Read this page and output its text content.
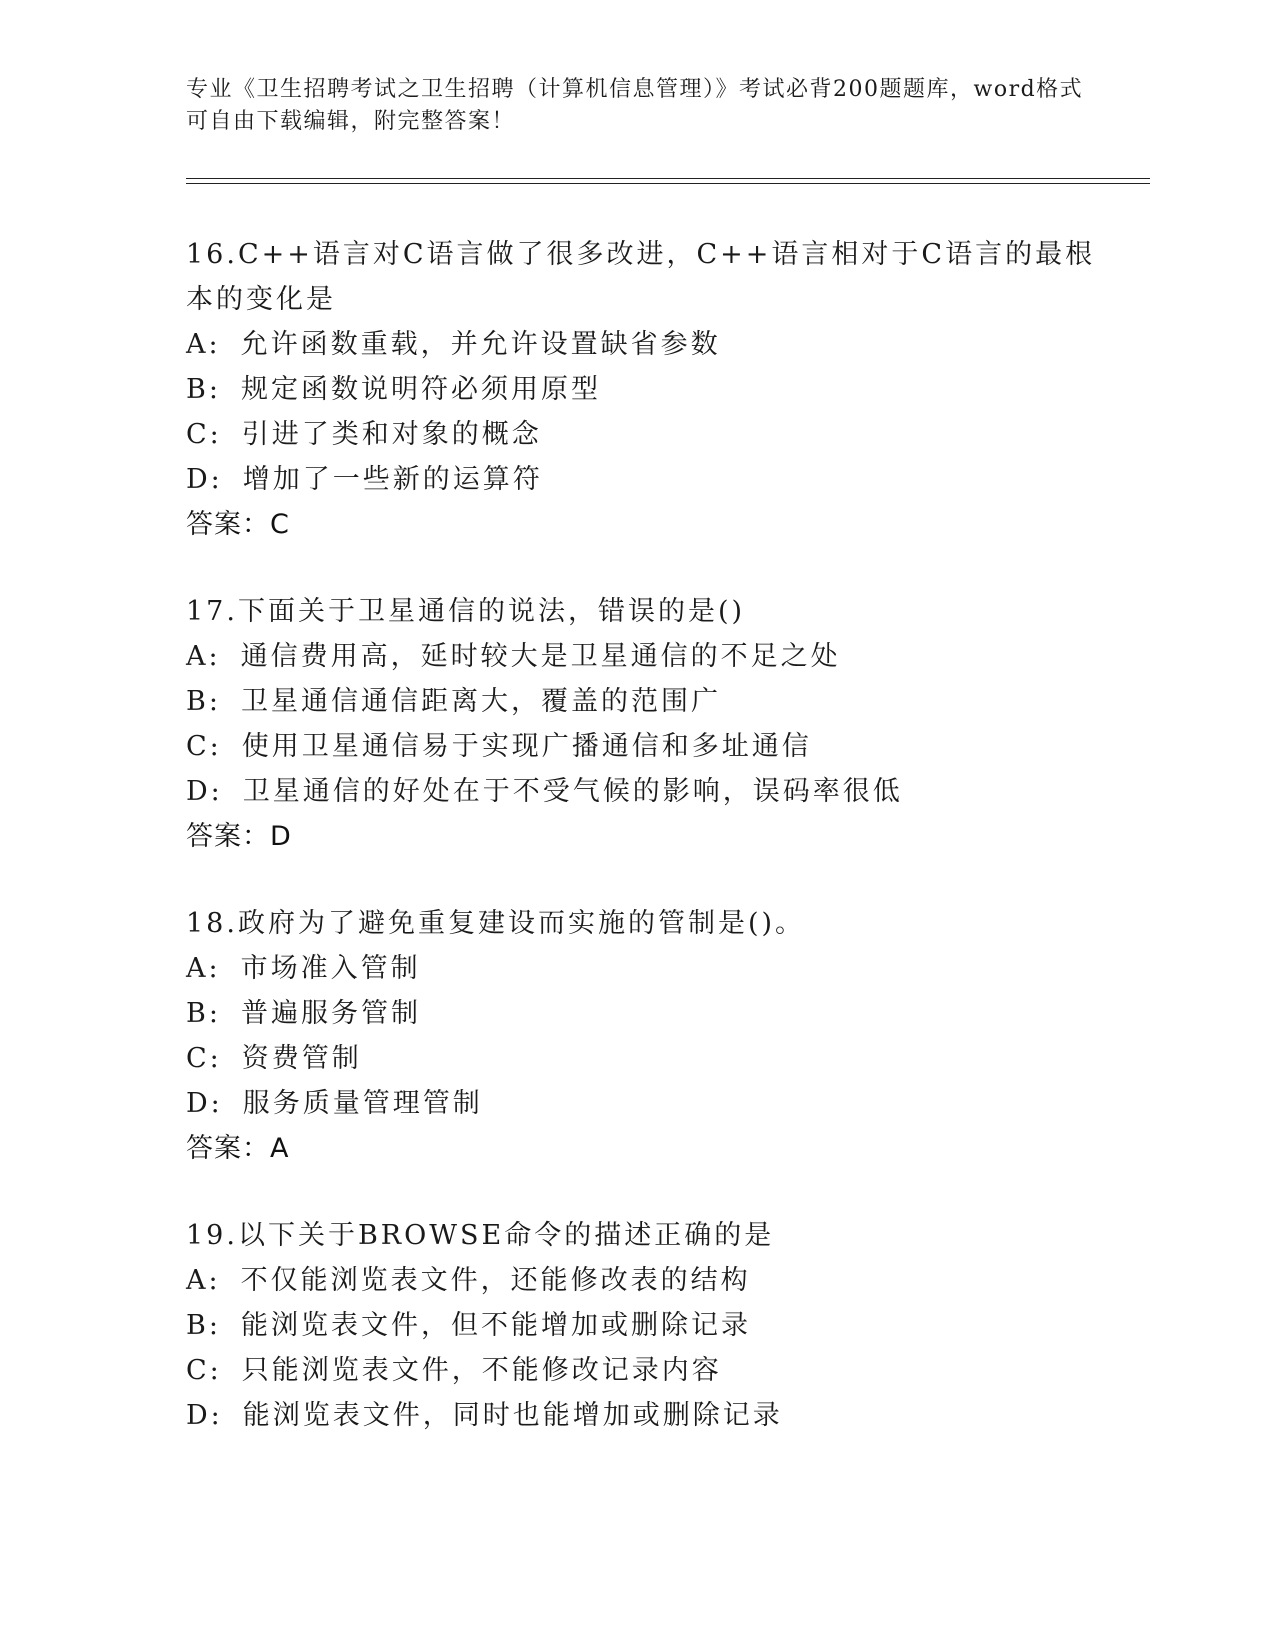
专业《卫生招聘考试之卫生招聘（计算机信息管理）》考试必背200题题库，word格式可自由下载编辑，附完整答案！
16.C++语言对C语言做了很多改进，C++语言相对于C语言的最根本的变化是
A: 允许函数重载，并允许设置缺省参数
B: 规定函数说明符必须用原型
C: 引进了类和对象的概念
D: 增加了一些新的运算符
答案：C
17.下面关于卫星通信的说法，错误的是()
A: 通信费用高，延时较大是卫星通信的不足之处
B: 卫星通信通信距离大，覆盖的范围广
C: 使用卫星通信易于实现广播通信和多址通信
D: 卫星通信的好处在于不受气候的影响，误码率很低
答案：D
18.政府为了避免重复建设而实施的管制是()。
A: 市场准入管制
B: 普遍服务管制
C: 资费管制
D: 服务质量管理管制
答案：A
19.以下关于BROWSE命令的描述正确的是
A: 不仅能浏览表文件，还能修改表的结构
B: 能浏览表文件，但不能增加或删除记录
C: 只能浏览表文件，不能修改记录内容
D: 能浏览表文件，同时也能增加或删除记录
